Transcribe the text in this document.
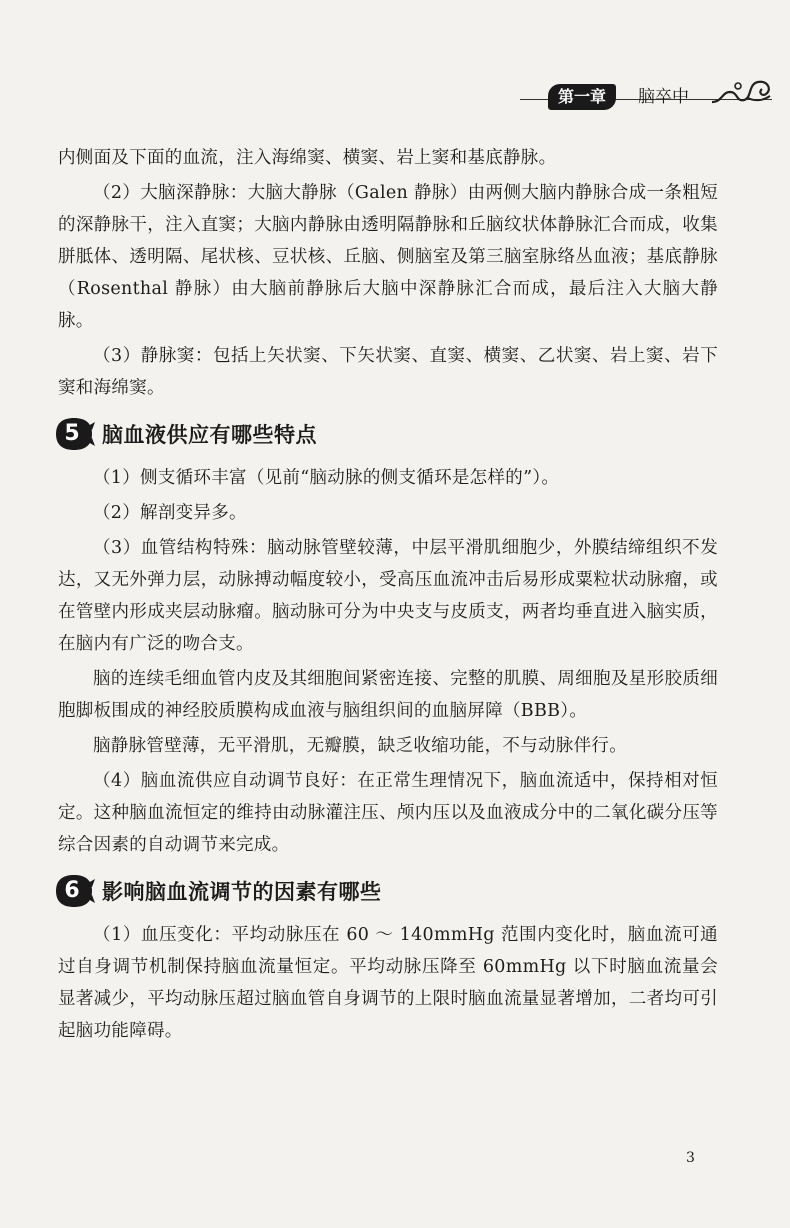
第一章	脑卒中

内侧面及下面的血流，注入海绵窦、横窦、岩上窦和基底静脉。

（2）大脑深静脉：大脑大静脉（Galen 静脉）由两侧大脑内静脉合成一条粗短的深静脉干，注入直窦；大脑内静脉由透明隔静脉和丘脑纹状体静脉汇合而成，收集胼胝体、透明隔、尾状核、豆状核、丘脑、侧脑室及第三脑室脉络丛血液；基底静脉（Rosenthal 静脉）由大脑前静脉后大脑中深静脉汇合而成，最后注入大脑大静脉。

（3）静脉窦：包括上矢状窦、下矢状窦、直窦、横窦、乙状窦、岩上窦、岩下窦和海绵窦。

5	脑血液供应有哪些特点

（1）侧支循环丰富（见前“脑动脉的侧支循环是怎样的”）。

（2）解剖变异多。

（3）血管结构特殊：脑动脉管壁较薄，中层平滑肌细胞少，外膜结缔组织不发达，又无外弹力层，动脉搏动幅度较小，受高压血流冲击后易形成粟粒状动脉瘤，或在管壁内形成夹层动脉瘤。脑动脉可分为中央支与皮质支，两者均垂直进入脑实质，在脑内有广泛的吻合支。

脑的连续毛细血管内皮及其细胞间紧密连接、完整的肌膜、周细胞及星形胶质细胞脚板围成的神经胶质膜构成血液与脑组织间的血脑屏障（BBB）。

脑静脉管壁薄，无平滑肌，无瓣膜，缺乏收缩功能，不与动脉伴行。

（4）脑血流供应自动调节良好：在正常生理情况下，脑血流适中，保持相对恒定。这种脑血流恒定的维持由动脉灌注压、颅内压以及血液成分中的二氧化碳分压等综合因素的自动调节来完成。

6	影响脑血流调节的因素有哪些

（1）血压变化：平均动脉压在 60 ～ 140mmHg 范围内变化时，脑血流可通过自身调节机制保持脑血流量恒定。平均动脉压降至 60mmHg 以下时脑血流量会显著减少，平均动脉压超过脑血管自身调节的上限时脑血流量显著增加，二者均可引起脑功能障碍。

3
